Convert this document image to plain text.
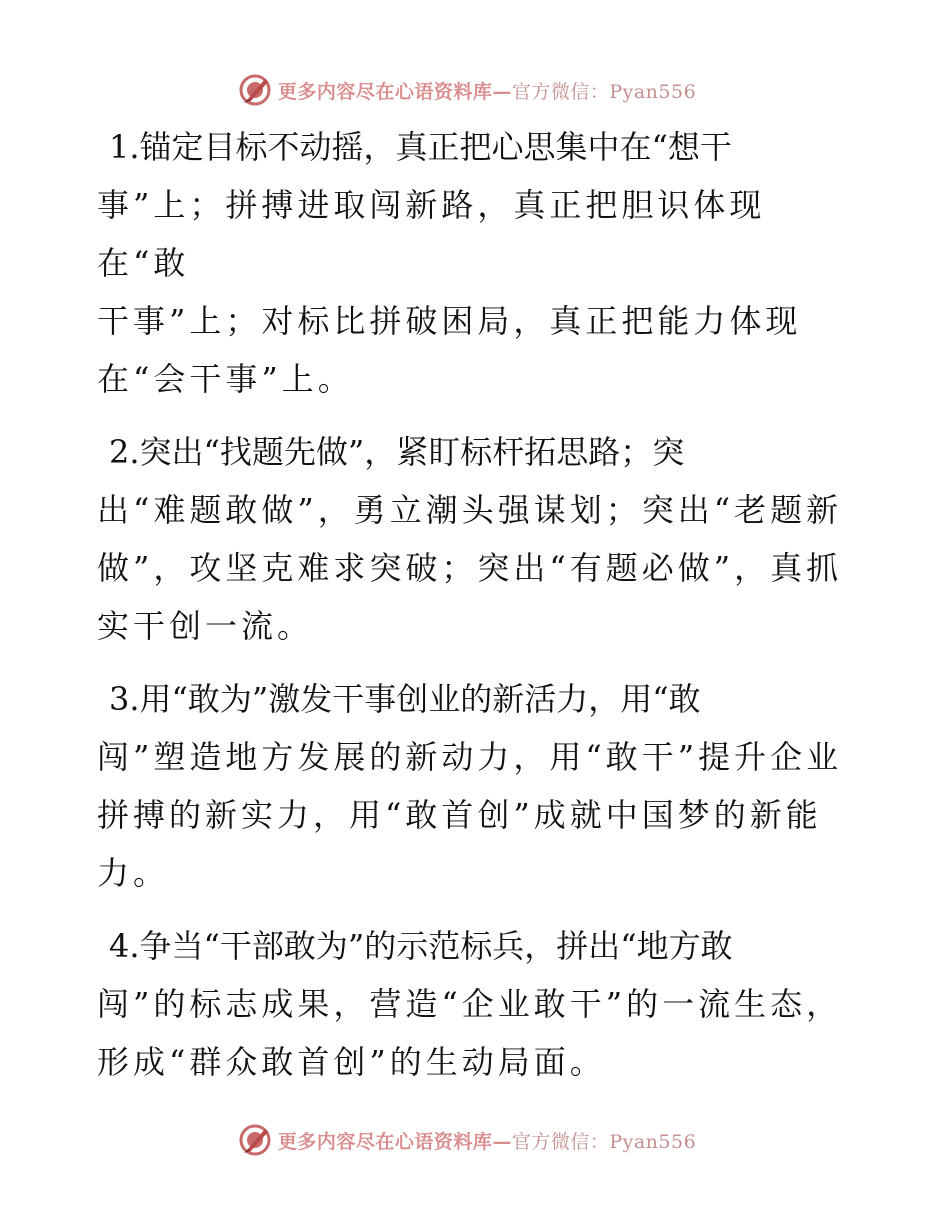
更多内容尽在心语资料库—官方微信：Pyan556

1.锚定目标不动摇，真正把心思集中在“想干
事”上；拼搏进取闯新路，真正把胆识体现在“敢
干事”上；对标比拼破困局，真正把能力体现
在“会干事”上。

2.突出“找题先做”，紧盯标杆拓思路；突
出“难题敢做”，勇立潮头强谋划；突出“老题新
做”，攻坚克难求突破；突出“有题必做”，真抓
实干创一流。

3.用“敢为”激发干事创业的新活力，用“敢
闯”塑造地方发展的新动力，用“敢干”提升企业
拼搏的新实力，用“敢首创”成就中国梦的新能
力。

4.争当“干部敢为”的示范标兵，拼出“地方敢
闯”的标志成果，营造“企业敢干”的一流生态，
形成“群众敢首创”的生动局面。

更多内容尽在心语资料库—官方微信：Pyan556
